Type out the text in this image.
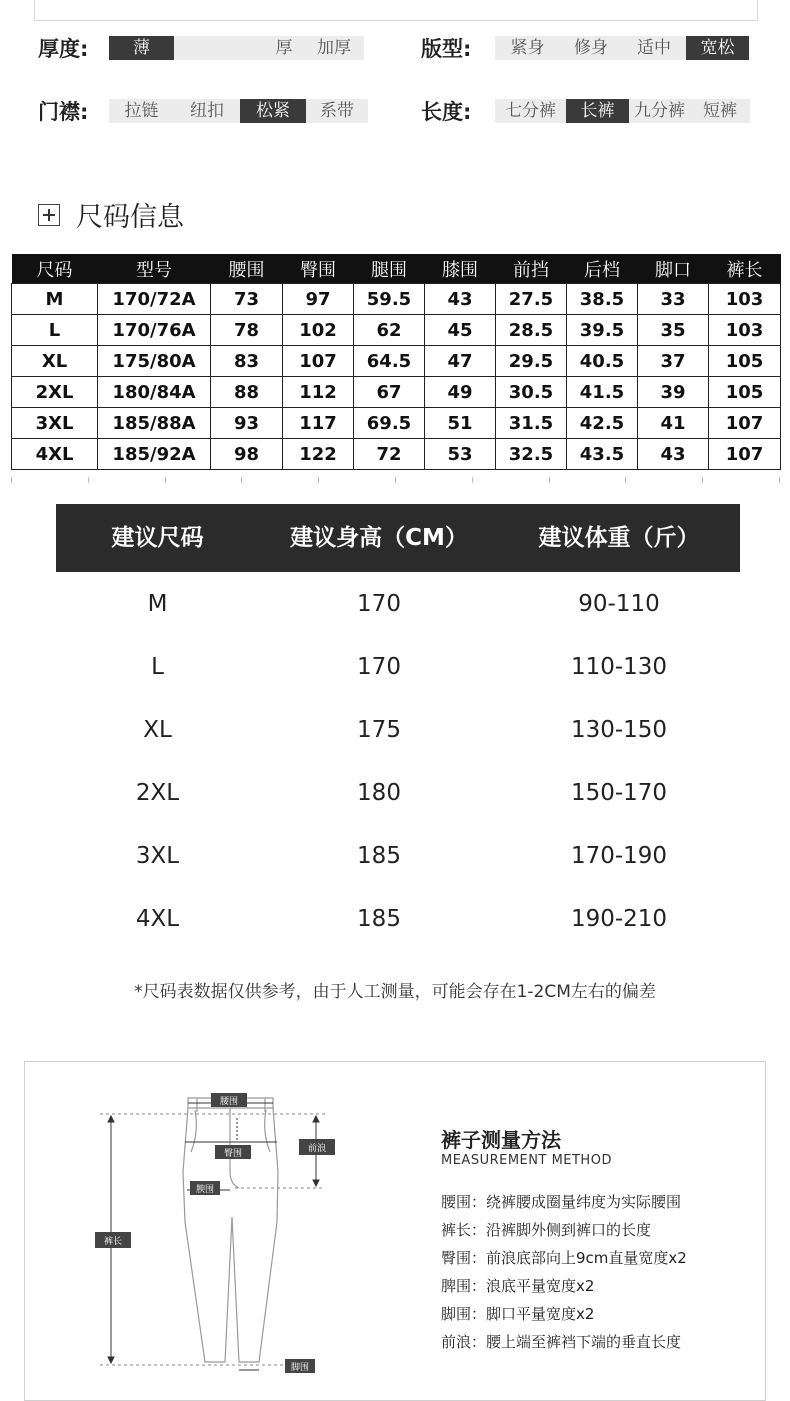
厚度:	薄	厚	加厚	版型:	紧身	修身	适中	宽松
门襟:	拉链	纽扣	松紧	系带	长度:	七分裤	长裤	九分裤	短裤
尺码信息
尺码	型号	腰围	臀围	腿围	膝围	前挡	后档	脚口	裤长
M	170/72A	73	97	59.5	43	27.5	38.5	33	103
L	170/76A	78	102	62	45	28.5	39.5	35	103
XL	175/80A	83	107	64.5	47	29.5	40.5	37	105
2XL	180/84A	88	112	67	49	30.5	41.5	39	105
3XL	185/88A	93	117	69.5	51	31.5	42.5	41	107
4XL	185/92A	98	122	72	53	32.5	43.5	43	107
建议尺码	建议身高（CM）	建议体重（斤）
M	170	90-110
L	170	110-130
XL	175	130-150
2XL	180	150-170
3XL	185	170-190
4XL	185	190-210
*尺码表数据仅供参考，由于人工测量，可能会存在1-2CM左右的偏差
腰围
臀围
腴围
前浪
裤长
脚围
裤子测量方法
MEASUREMENT METHOD
腰围：绕裤腰成圈量纬度为实际腰围
裤长：沿裤脚外侧到裤口的长度
臀围：前浪底部向上9cm直量宽度x2
脾围：浪底平量宽度x2
脚围：脚口平量宽度x2
前浪：腰上端至裤裆下端的垂直长度
